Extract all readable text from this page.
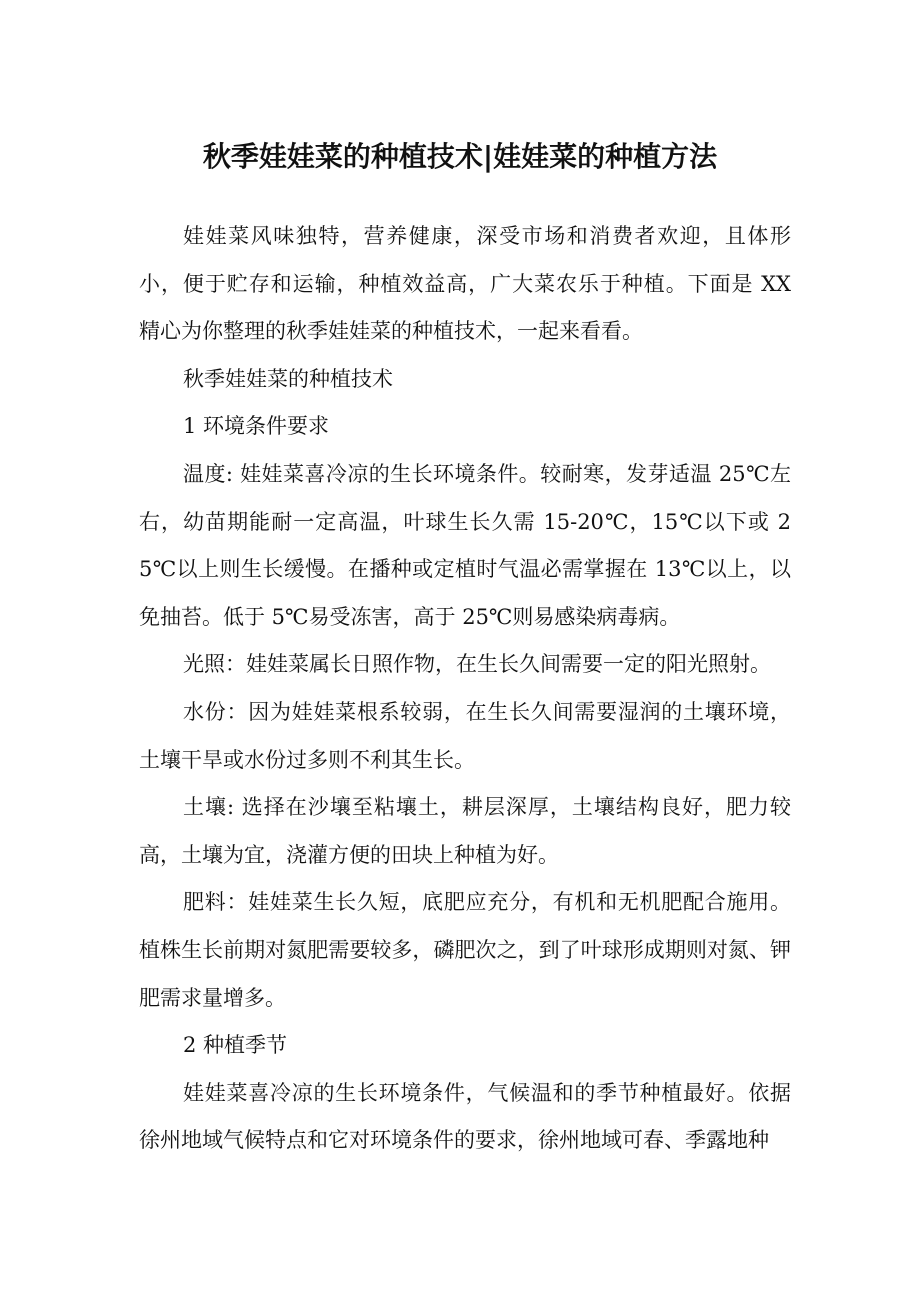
秋季娃娃菜的种植技术|娃娃菜的种植方法

娃娃菜风味独特，营养健康，深受市场和消费者欢迎，且体形小，便于贮存和运输，种植效益高，广大菜农乐于种植。下面是 XX 精心为你整理的秋季娃娃菜的种植技术，一起来看看。

秋季娃娃菜的种植技术

1 环境条件要求

温度: 娃娃菜喜冷凉的生长环境条件。较耐寒，发芽适温 25℃左右，幼苗期能耐一定高温，叶球生长久需 15-20℃，15℃以下或 25℃以上则生长缓慢。在播种或定植时气温必需掌握在 13℃以上，以免抽苔。低于 5℃易受冻害，高于 25℃则易感染病毒病。

光照：娃娃菜属长日照作物，在生长久间需要一定的阳光照射。

水份：因为娃娃菜根系较弱，在生长久间需要湿润的土壤环境，土壤干旱或水份过多则不利其生长。

土壤: 选择在沙壤至粘壤土，耕层深厚，土壤结构良好，肥力较高，土壤为宜，浇灌方便的田块上种植为好。

肥料：娃娃菜生长久短，底肥应充分，有机和无机肥配合施用。植株生长前期对氮肥需要较多，磷肥次之，到了叶球形成期则对氮、钾肥需求量增多。

2 种植季节

娃娃菜喜冷凉的生长环境条件，气候温和的季节种植最好。依据徐州地域气候特点和它对环境条件的要求，徐州地域可春、季露地种
